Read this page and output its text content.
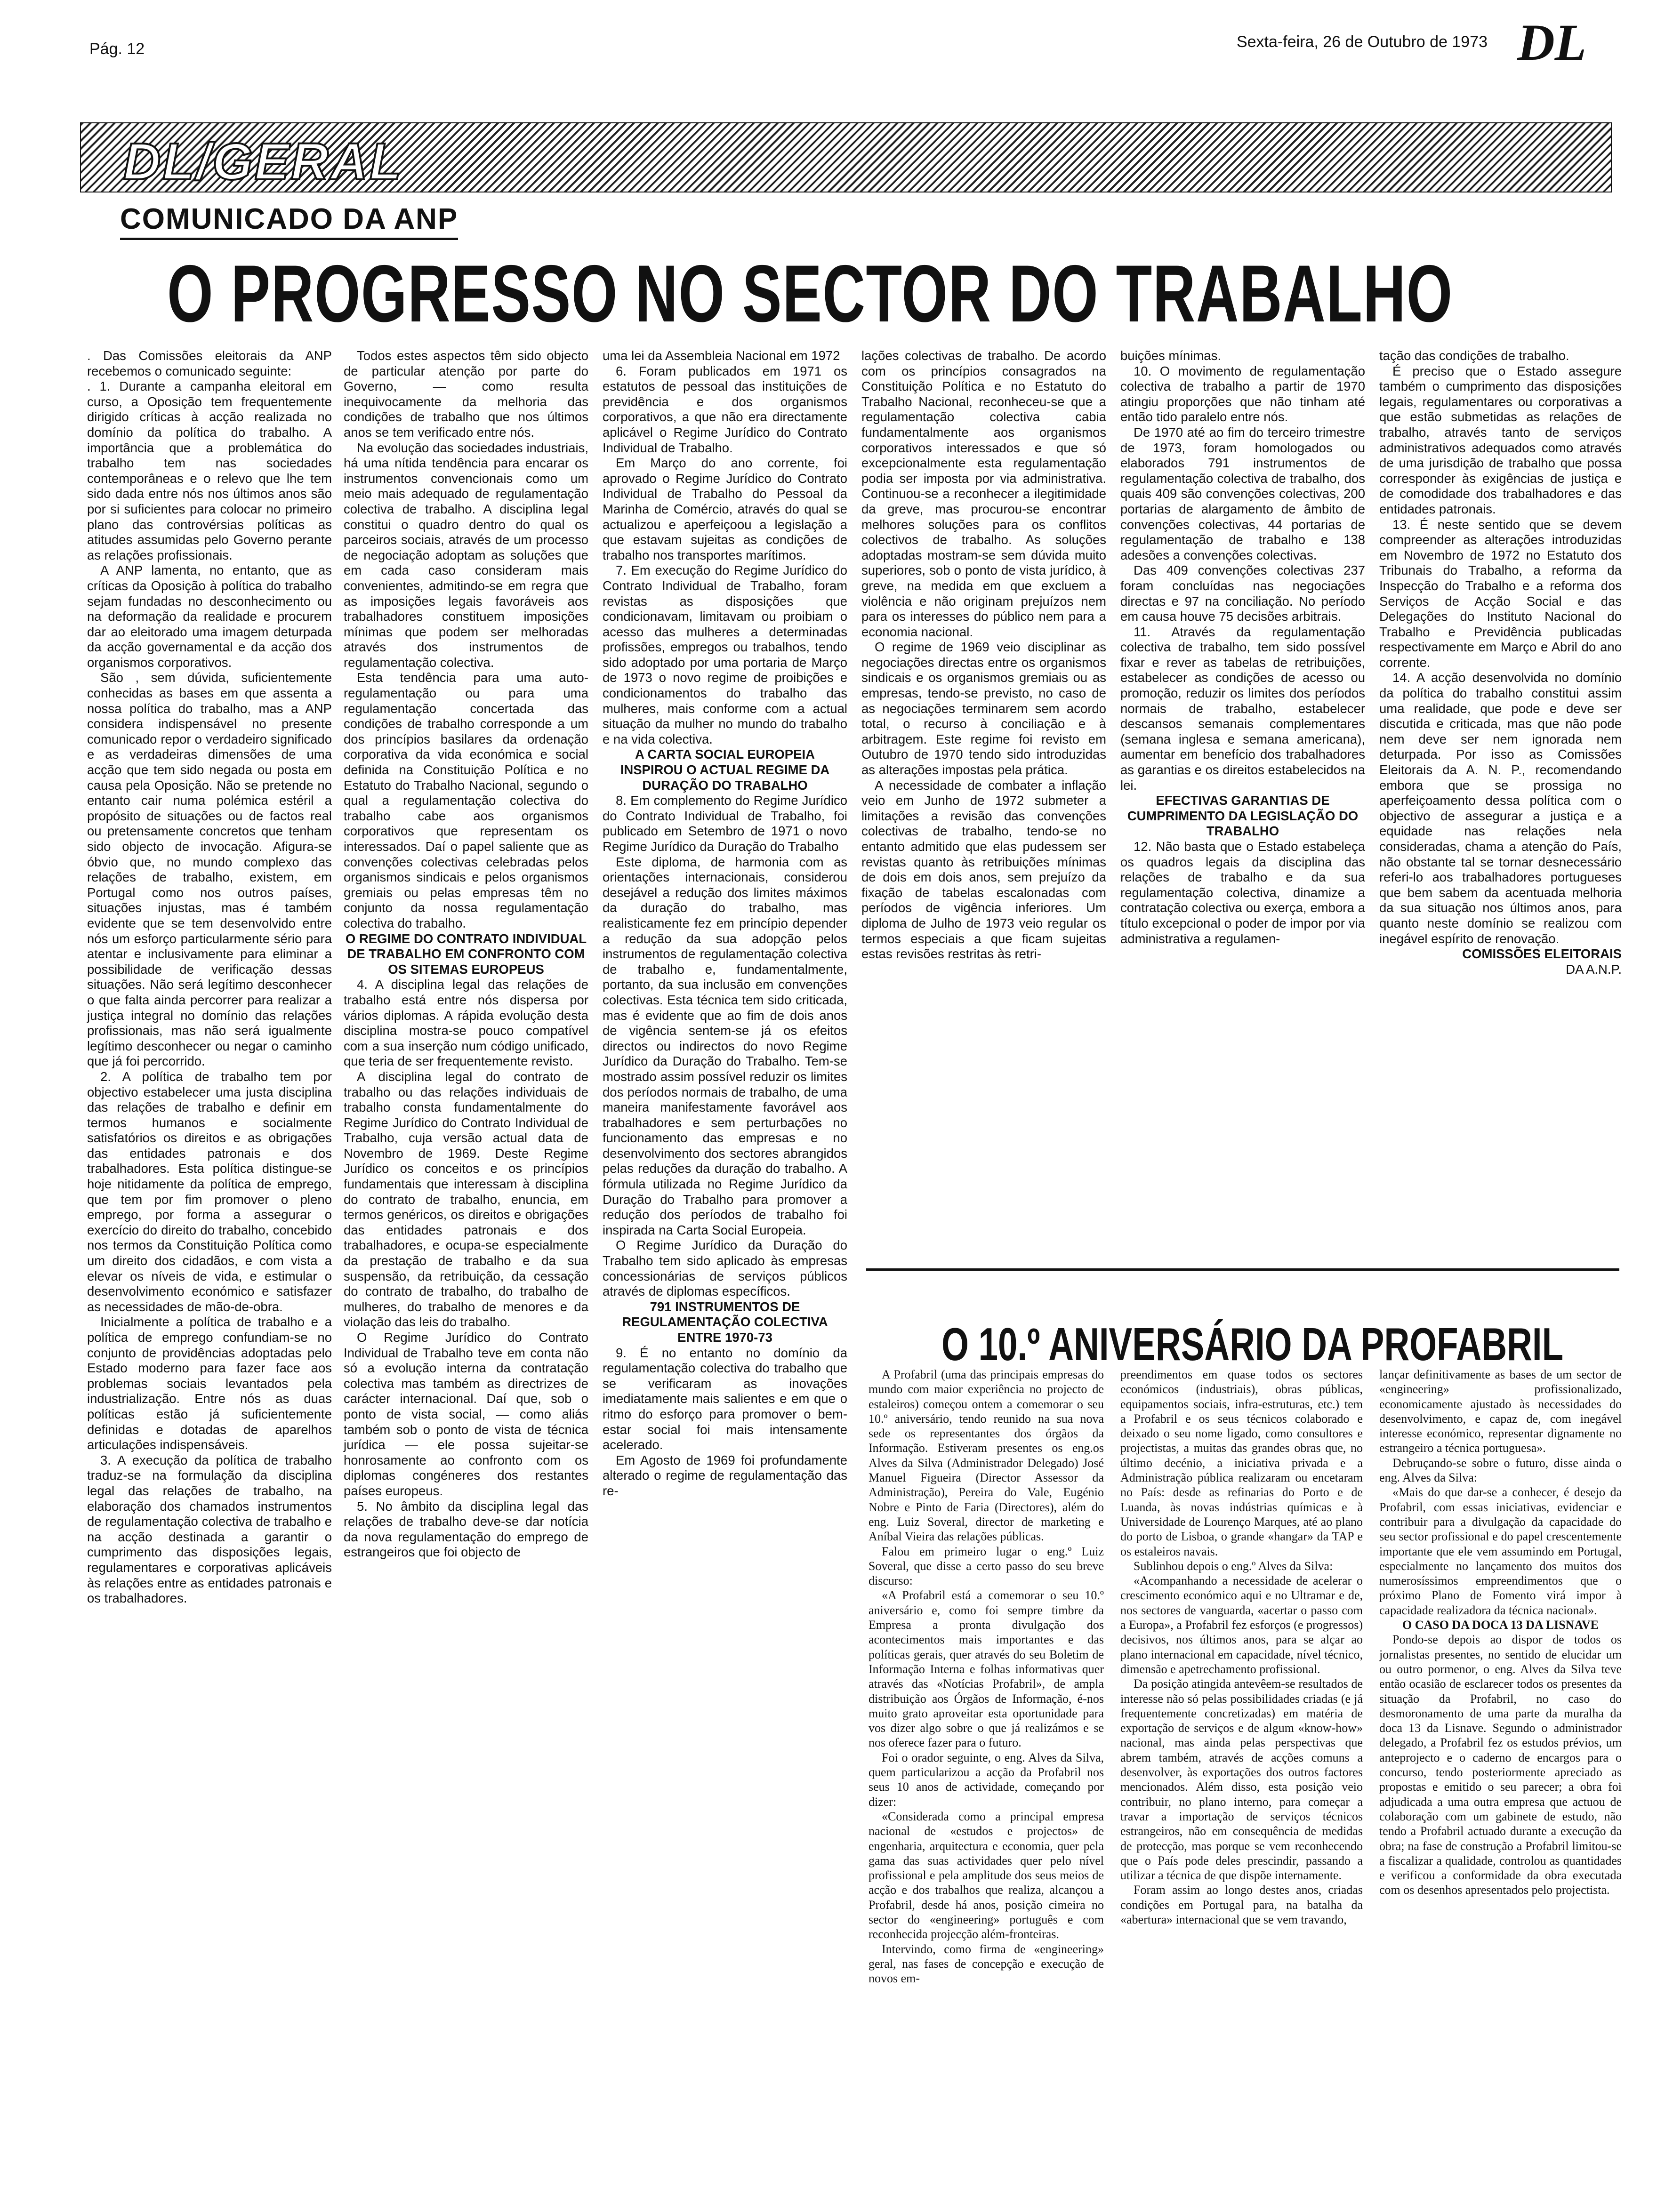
Pág. 12	Sexta-feira, 26 de Outubro de 1973 DL
DL/GERAL
COMUNICADO DA ANP
O PROGRESSO NO SECTOR DO TRABALHO

. Das Comissões eleitorais da ANP recebemos o comunicado seguinte:

. 1. Durante a campanha eleitoral em curso, a Oposição tem frequentemente dirigido críticas à acção realizada no domínio da política do trabalho. A importância que a problemática do trabalho tem nas sociedades contemporâneas e o relevo que lhe tem sido dada entre nós nos últimos anos são por si suficientes para colocar no primeiro plano das controvérsias políticas as atitudes assumidas pelo Governo perante as relações profissionais.

A ANP lamenta, no entanto, que as críticas da Oposição à política do trabalho sejam fundadas no desconhecimento ou na deformação da realidade e procurem dar ao eleitorado uma imagem deturpada da acção governamental e da acção dos organismos corporativos.

São , sem dúvida, suficientemente conhecidas as bases em que assenta a nossa política do trabalho, mas a ANP considera indispensável no presente comunicado repor o verdadeiro significado e as verdadeiras dimensões de uma acção que tem sido negada ou posta em causa pela Oposição. Não se pretende no entanto cair numa polémica estéril a propósito de situações ou de factos real ou pretensamente concretos que tenham sido objecto de invocação. Afigura-se óbvio que, no mundo complexo das relações de trabalho, existem, em Portugal como nos outros países, situações injustas, mas é também evidente que se tem desenvolvido entre nós um esforço particularmente sério para atentar e inclusivamente para eliminar a possibilidade de verificação dessas situações. Não será legítimo desconhecer o que falta ainda percorrer para realizar a justiça integral no domínio das relações profissionais, mas não será igualmente legítimo desconhecer ou negar o caminho que já foi percorrido.

2. A política de trabalho tem por objectivo estabelecer uma justa disciplina das relações de trabalho e definir em termos humanos e socialmente satisfatórios os direitos e as obrigações das entidades patronais e dos trabalhadores. Esta política distingue-se hoje nitidamente da política de emprego, que tem por fim promover o pleno emprego, por forma a assegurar o exercício do direito do trabalho, concebido nos termos da Constituição Política como um direito dos cidadãos, e com vista a elevar os níveis de vida, e estimular o desenvolvimento económico e satisfazer as necessidades de mão-de-obra.

Inicialmente a política de trabalho e a política de emprego confundiam-se no conjunto de providências adoptadas pelo Estado moderno para fazer face aos problemas sociais levantados pela industrialização. Entre nós as duas políticas estão já suficientemente definidas e dotadas de aparelhos articulações indispensáveis.

3. A execução da política de trabalho traduz-se na formulação da disciplina legal das relações de trabalho, na elaboração dos chamados instrumentos de regulamentação colectiva de trabalho e na acção destinada a garantir o cumprimento das disposições legais, regulamentares e corporativas aplicáveis às relações entre as entidades patronais e os trabalhadores.

Todos estes aspectos têm sido objecto de particular atenção por parte do Governo, — como resulta inequivocamente da melhoria das condições de trabalho que nos últimos anos se tem verificado entre nós.

Na evolução das sociedades industriais, há uma nítida tendência para encarar os instrumentos convencionais como um meio mais adequado de regulamentação colectiva de trabalho. A disciplina legal constitui o quadro dentro do qual os parceiros sociais, através de um processo de negociação adoptam as soluções que em cada caso consideram mais convenientes, admitindo-se em regra que as imposições legais favoráveis aos trabalhadores constituem imposições mínimas que podem ser melhoradas através dos instrumentos de regulamentação colectiva.

Esta tendência para uma auto-regulamentação ou para uma regulamentação concertada das condições de trabalho corresponde a um dos princípios basilares da ordenação corporativa da vida económica e social definida na Constituição Política e no Estatuto do Trabalho Nacional, segundo o qual a regulamentação colectiva do trabalho cabe aos organismos corporativos que representam os interessados. Daí o papel saliente que as convenções colectivas celebradas pelos organismos sindicais e pelos organismos gremiais ou pelas empresas têm no conjunto da nossa regulamentação colectiva do trabalho.

O REGIME DO CONTRATO INDIVIDUAL DE TRABALHO EM CONFRONTO COM OS SITEMAS EUROPEUS

4. A disciplina legal das relações de trabalho está entre nós dispersa por vários diplomas. A rápida evolução desta disciplina mostra-se pouco compatível com a sua inserção num código unificado, que teria de ser frequentemente revisto.

A disciplina legal do contrato de trabalho ou das relações individuais de trabalho consta fundamentalmente do Regime Jurídico do Contrato Individual de Trabalho, cuja versão actual data de Novembro de 1969. Deste Regime Jurídico os conceitos e os princípios fundamentais que interessam à disciplina do contrato de trabalho, enuncia, em termos genéricos, os direitos e obrigações das entidades patronais e dos trabalhadores, e ocupa-se especialmente da prestação de trabalho e da sua suspensão, da retribuição, da cessação do contrato de trabalho, do trabalho de mulheres, do trabalho de menores e da violação das leis do trabalho.

O Regime Jurídico do Contrato Individual de Trabalho teve em conta não só a evolução interna da contratação colectiva mas também as directrizes de carácter internacional. Daí que, sob o ponto de vista social, — como aliás também sob o ponto de vista de técnica jurídica — ele possa sujeitar-se honrosamente ao confronto com os diplomas congéneres dos restantes países europeus.

5. No âmbito da disciplina legal das relações de trabalho deve-se dar notícia da nova regulamentação do emprego de estrangeiros que foi objecto de

uma lei da Assembleia Nacional em 1972

6. Foram publicados em 1971 os estatutos de pessoal das instituições de previdência e dos organismos corporativos, a que não era directamente aplicável o Regime Jurídico do Contrato Individual de Trabalho.

Em Março do ano corrente, foi aprovado o Regime Jurídico do Contrato Individual de Trabalho do Pessoal da Marinha de Comércio, através do qual se actualizou e aperfeiçoou a legislação a que estavam sujeitas as condições de trabalho nos transportes marítimos.

7. Em execução do Regime Jurídico do Contrato Individual de Trabalho, foram revistas as disposições que condicionavam, limitavam ou proibiam o acesso das mulheres a determinadas profissões, empregos ou trabalhos, tendo sido adoptado por uma portaria de Março de 1973 o novo regime de proibições e condicionamentos do trabalho das mulheres, mais conforme com a actual situação da mulher no mundo do trabalho e na vida colectiva.

A CARTA SOCIAL EUROPEIA INSPIROU O ACTUAL REGIME DA DURAÇÃO DO TRABALHO

8. Em complemento do Regime Jurídico do Contrato Individual de Trabalho, foi publicado em Setembro de 1971 o novo Regime Jurídico da Duração do Trabalho

Este diploma, de harmonia com as orientações internacionais, considerou desejável a redução dos limites máximos da duração do trabalho, mas realisticamente fez em princípio depender a redução da sua adopção pelos instrumentos de regulamentação colectiva de trabalho e, fundamentalmente, portanto, da sua inclusão em convenções colectivas. Esta técnica tem sido criticada, mas é evidente que ao fim de dois anos de vigência sentem-se já os efeitos directos ou indirectos do novo Regime Jurídico da Duração do Trabalho. Tem-se mostrado assim possível reduzir os limites dos períodos normais de trabalho, de uma maneira manifestamente favorável aos trabalhadores e sem perturbações no funcionamento das empresas e no desenvolvimento dos sectores abrangidos pelas reduções da duração do trabalho. A fórmula utilizada no Regime Jurídico da Duração do Trabalho para promover a redução dos períodos de trabalho foi inspirada na Carta Social Europeia.

O Regime Jurídico da Duração do Trabalho tem sido aplicado às empresas concessionárias de serviços públicos através de diplomas específicos.

791 INSTRUMENTOS DE REGULAMENTAÇÃO COLECTIVA ENTRE 1970-73

9. É no entanto no domínio da regulamentação colectiva do trabalho que se verificaram as inovações imediatamente mais salientes e em que o ritmo do esforço para promover o bem-estar social foi mais intensamente acelerado.

Em Agosto de 1969 foi profundamente alterado o regime de regulamentação das re-

lações colectivas de trabalho. De acordo com os princípios consagrados na Constituição Política e no Estatuto do Trabalho Nacional, reconheceu-se que a regulamentação colectiva cabia fundamentalmente aos organismos corporativos interessados e que só excepcionalmente esta regulamentação podia ser imposta por via administrativa. Continuou-se a reconhecer a ilegitimidade da greve, mas procurou-se encontrar melhores soluções para os conflitos colectivos de trabalho. As soluções adoptadas mostram-se sem dúvida muito superiores, sob o ponto de vista jurídico, à greve, na medida em que excluem a violência e não originam prejuízos nem para os interesses do público nem para a economia nacional.

O regime de 1969 veio disciplinar as negociações directas entre os organismos sindicais e os organismos gremiais ou as empresas, tendo-se previsto, no caso de as negociações terminarem sem acordo total, o recurso à conciliação e à arbitragem. Este regime foi revisto em Outubro de 1970 tendo sido introduzidas as alterações impostas pela prática.

A necessidade de combater a inflação veio em Junho de 1972 submeter a limitações a revisão das convenções colectivas de trabalho, tendo-se no entanto admitido que elas pudessem ser revistas quanto às retribuições mínimas de dois em dois anos, sem prejuízo da fixação de tabelas escalonadas com períodos de vigência inferiores. Um diploma de Julho de 1973 veio regular os termos especiais a que ficam sujeitas estas revisões restritas às retri-

buições mínimas.

10. O movimento de regulamentação colectiva de trabalho a partir de 1970 atingiu proporções que não tinham até então tido paralelo entre nós.

De 1970 até ao fim do terceiro trimestre de 1973, foram homologados ou elaborados 791 instrumentos de regulamentação colectiva de trabalho, dos quais 409 são convenções colectivas, 200 portarias de alargamento de âmbito de convenções colectivas, 44 portarias de regulamentação de trabalho e 138 adesões a convenções colectivas.

Das 409 convenções colectivas 237 foram concluídas nas negociações directas e 97 na conciliação. No período em causa houve 75 decisões arbitrais.

11. Através da regulamentação colectiva de trabalho, tem sido possível fixar e rever as tabelas de retribuições, estabelecer as condições de acesso ou promoção, reduzir os limites dos períodos normais de trabalho, estabelecer descansos semanais complementares (semana inglesa e semana americana), aumentar em benefício dos trabalhadores as garantias e os direitos estabelecidos na lei.

EFECTIVAS GARANTIAS DE CUMPRIMENTO DA LEGISLAÇÃO DO TRABALHO

12. Não basta que o Estado estabeleça os quadros legais da disciplina das relações de trabalho e da sua regulamentação colectiva, dinamize a contratação colectiva ou exerça, embora a título excepcional o poder de impor por via administrativa a regulamen-

tação das condições de trabalho.

É preciso que o Estado assegure também o cumprimento das disposições legais, regulamentares ou corporativas a que estão submetidas as relações de trabalho, através tanto de serviços administrativos adequados como através de uma jurisdição de trabalho que possa corresponder às exigências de justiça e de comodidade dos trabalhadores e das entidades patronais.

13. É neste sentido que se devem compreender as alterações introduzidas em Novembro de 1972 no Estatuto dos Tribunais do Trabalho, a reforma da Inspecção do Trabalho e a reforma dos Serviços de Acção Social e das Delegações do Instituto Nacional do Trabalho e Previdência publicadas respectivamente em Março e Abril do ano corrente.

14. A acção desenvolvida no domínio da política do trabalho constitui assim uma realidade, que pode e deve ser discutida e criticada, mas que não pode nem deve ser nem ignorada nem deturpada. Por isso as Comissões Eleitorais da A. N. P., recomendando embora que se prossiga no aperfeiçoamento dessa política com o objectivo de assegurar a justiça e a equidade nas relações nela consideradas, chama a atenção do País, não obstante tal se tornar desnecessário referi-lo aos trabalhadores portugueses que bem sabem da acentuada melhoria da sua situação nos últimos anos, para quanto neste domínio se realizou com inegável espírito de renovação.

COMISSÕES ELEITORAIS

DA A.N.P.

O 10.º ANIVERSÁRIO DA PROFABRIL

A Profabril (uma das principais empresas do mundo com maior experiência no projecto de estaleiros) começou ontem a comemorar o seu 10.º aniversário, tendo reunido na sua nova sede os representantes dos órgãos da Informação. Estiveram presentes os eng.os Alves da Silva (Administrador Delegado) José Manuel Figueira (Director Assessor da Administração), Pereira do Vale, Eugénio Nobre e Pinto de Faria (Directores), além do eng. Luiz Soveral, director de marketing e Aníbal Vieira das relações públicas.

Falou em primeiro lugar o eng.º Luiz Soveral, que disse a certo passo do seu breve discurso:

«A Profabril está a comemorar o seu 10.º aniversário e, como foi sempre timbre da Empresa a pronta divulgação dos acontecimentos mais importantes e das políticas gerais, quer através do seu Boletim de Informação Interna e folhas informativas quer através das «Notícias Profabril», de ampla distribuição aos Órgãos de Informação, é-nos muito grato aproveitar esta oportunidade para vos dizer algo sobre o que já realizámos e se nos oferece fazer para o futuro.

Foi o orador seguinte, o eng. Alves da Silva, quem particularizou a acção da Profabril nos seus 10 anos de actividade, começando por dizer:

«Considerada como a principal empresa nacional de «estudos e projectos» de engenharia, arquitectura e economia, quer pela gama das suas actividades quer pelo nível profissional e pela amplitude dos seus meios de acção e dos trabalhos que realiza, alcançou a Profabril, desde há anos, posição cimeira no sector do «engineering» português e com reconhecida projecção além-fronteiras.

Intervindo, como firma de «engineering» geral, nas fases de concepção e execução de novos em-

preendimentos em quase todos os sectores económicos (industriais), obras públicas, equipamentos sociais, infra-estruturas, etc.) tem a Profabril e os seus técnicos colaborado e deixado o seu nome ligado, como consultores e projectistas, a muitas das grandes obras que, no último decénio, a iniciativa privada e a Administração pública realizaram ou encetaram no País: desde as refinarias do Porto e de Luanda, às novas indústrias químicas e à Universidade de Lourenço Marques, até ao plano do porto de Lisboa, o grande «hangar» da TAP e os estaleiros navais.

Sublinhou depois o eng.º Alves da Silva:

«Acompanhando a necessidade de acelerar o crescimento económico aqui e no Ultramar e de, nos sectores de vanguarda, «acertar o passo com a Europa», a Profabril fez esforços (e progressos) decisivos, nos últimos anos, para se alçar ao plano internacional em capacidade, nível técnico, dimensão e apetrechamento profissional.

Da posição atingida antevêem-se resultados de interesse não só pelas possibilidades criadas (e já frequentemente concretizadas) em matéria de exportação de serviços e de algum «know-how» nacional, mas ainda pelas perspectivas que abrem também, através de acções comuns a desenvolver, às exportações dos outros factores mencionados. Além disso, esta posição veio contribuir, no plano interno, para começar a travar a importação de serviços técnicos estrangeiros, não em consequência de medidas de protecção, mas porque se vem reconhecendo que o País pode deles prescindir, passando a utilizar a técnica de que dispõe internamente.

Foram assim ao longo destes anos, criadas condições em Portugal para, na batalha da «abertura» internacional que se vem travando,

lançar definitivamente as bases de um sector de «engineering» profissionalizado, economicamente ajustado às necessidades do desenvolvimento, e capaz de, com inegável interesse económico, representar dignamente no estrangeiro a técnica portuguesa».

Debruçando-se sobre o futuro, disse ainda o eng. Alves da Silva:

«Mais do que dar-se a conhecer, é desejo da Profabril, com essas iniciativas, evidenciar e contribuir para a divulgação da capacidade do seu sector profissional e do papel crescentemente importante que ele vem assumindo em Portugal, especialmente no lançamento dos muitos dos numerosíssimos empreendimentos que o próximo Plano de Fomento virá impor à capacidade realizadora da técnica nacional».

O CASO DA DOCA 13 DA LISNAVE

Pondo-se depois ao dispor de todos os jornalistas presentes, no sentido de elucidar um ou outro pormenor, o eng. Alves da Silva teve então ocasião de esclarecer todos os presentes da situação da Profabril, no caso do desmoronamento de uma parte da muralha da doca 13 da Lisnave. Segundo o administrador delegado, a Profabril fez os estudos prévios, um anteprojecto e o caderno de encargos para o concurso, tendo posteriormente apreciado as propostas e emitido o seu parecer; a obra foi adjudicada a uma outra empresa que actuou de colaboração com um gabinete de estudo, não tendo a Profabril actuado durante a execução da obra; na fase de construção a Profabril limitou-se a fiscalizar a qualidade, controlou as quantidades e verificou a conformidade da obra executada com os desenhos apresentados pelo projectista.
